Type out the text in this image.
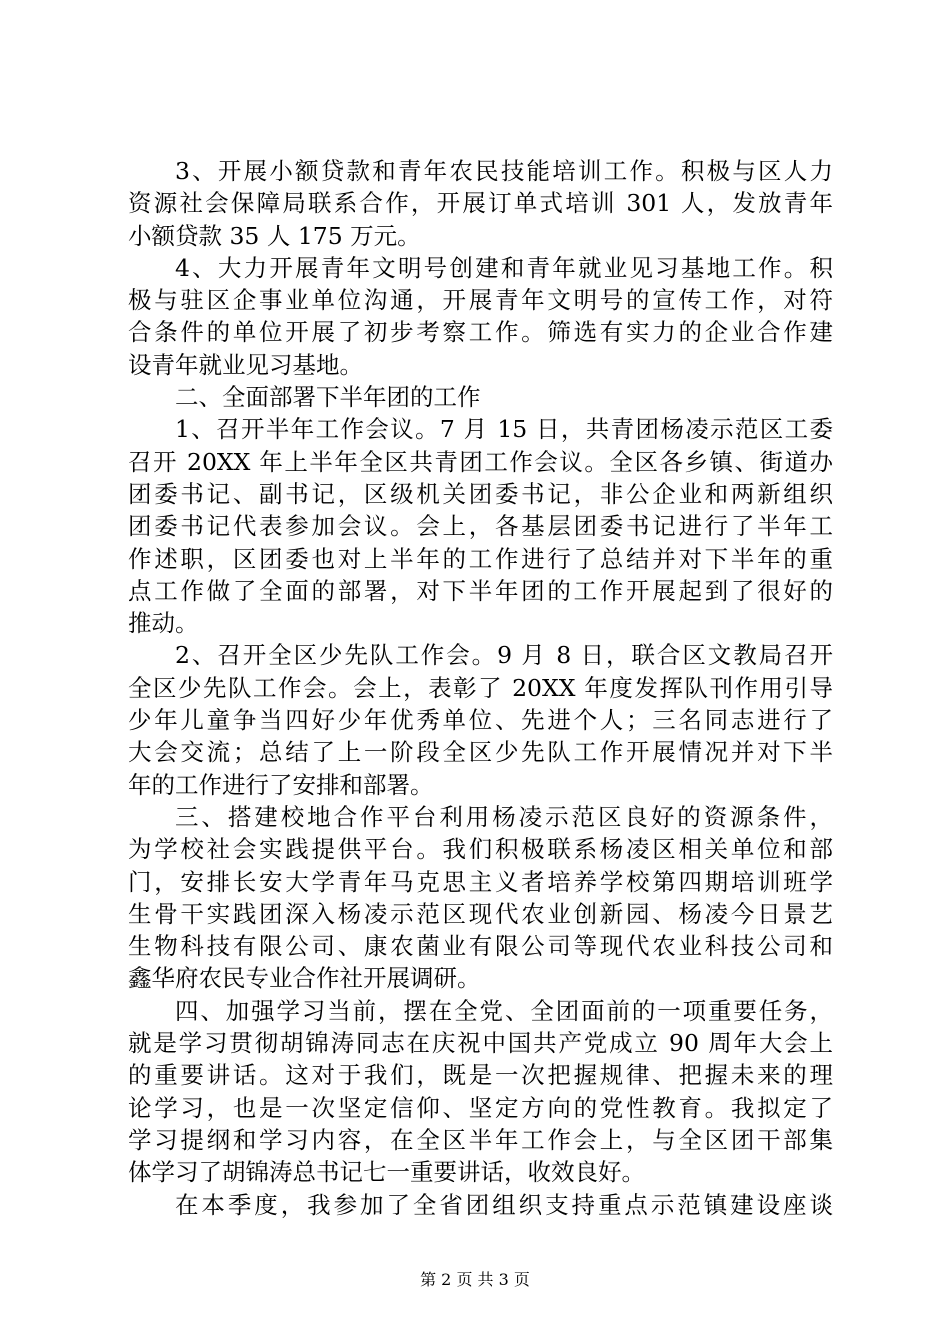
3、开展小额贷款和青年农民技能培训工作。积极与区人力
资源社会保障局联系合作，开展订单式培训 301 人，发放青年
小额贷款 35 人 175 万元。
4、大力开展青年文明号创建和青年就业见习基地工作。积
极与驻区企事业单位沟通，开展青年文明号的宣传工作，对符
合条件的单位开展了初步考察工作。筛选有实力的企业合作建
设青年就业见习基地。
二、全面部署下半年团的工作
1、召开半年工作会议。7 月 15 日，共青团杨凌示范区工委
召开 20XX 年上半年全区共青团工作会议。全区各乡镇、街道办
团委书记、副书记，区级机关团委书记，非公企业和两新组织
团委书记代表参加会议。会上，各基层团委书记进行了半年工
作述职，区团委也对上半年的工作进行了总结并对下半年的重
点工作做了全面的部署，对下半年团的工作开展起到了很好的
推动。
2、召开全区少先队工作会。9 月 8 日，联合区文教局召开
全区少先队工作会。会上，表彰了 20XX 年度发挥队刊作用引导
少年儿童争当四好少年优秀单位、先进个人；三名同志进行了
大会交流；总结了上一阶段全区少先队工作开展情况并对下半
年的工作进行了安排和部署。
三、搭建校地合作平台利用杨凌示范区良好的资源条件，
为学校社会实践提供平台。我们积极联系杨凌区相关单位和部
门，安排长安大学青年马克思主义者培养学校第四期培训班学
生骨干实践团深入杨凌示范区现代农业创新园、杨凌今日景艺
生物科技有限公司、康农菌业有限公司等现代农业科技公司和
鑫华府农民专业合作社开展调研。
四、加强学习当前，摆在全党、全团面前的一项重要任务，
就是学习贯彻胡锦涛同志在庆祝中国共产党成立 90 周年大会上
的重要讲话。这对于我们，既是一次把握规律、把握未来的理
论学习，也是一次坚定信仰、坚定方向的党性教育。我拟定了
学习提纲和学习内容，在全区半年工作会上，与全区团干部集
体学习了胡锦涛总书记七一重要讲话，收效良好。
在本季度，我参加了全省团组织支持重点示范镇建设座谈
第 2 页 共 3 页
